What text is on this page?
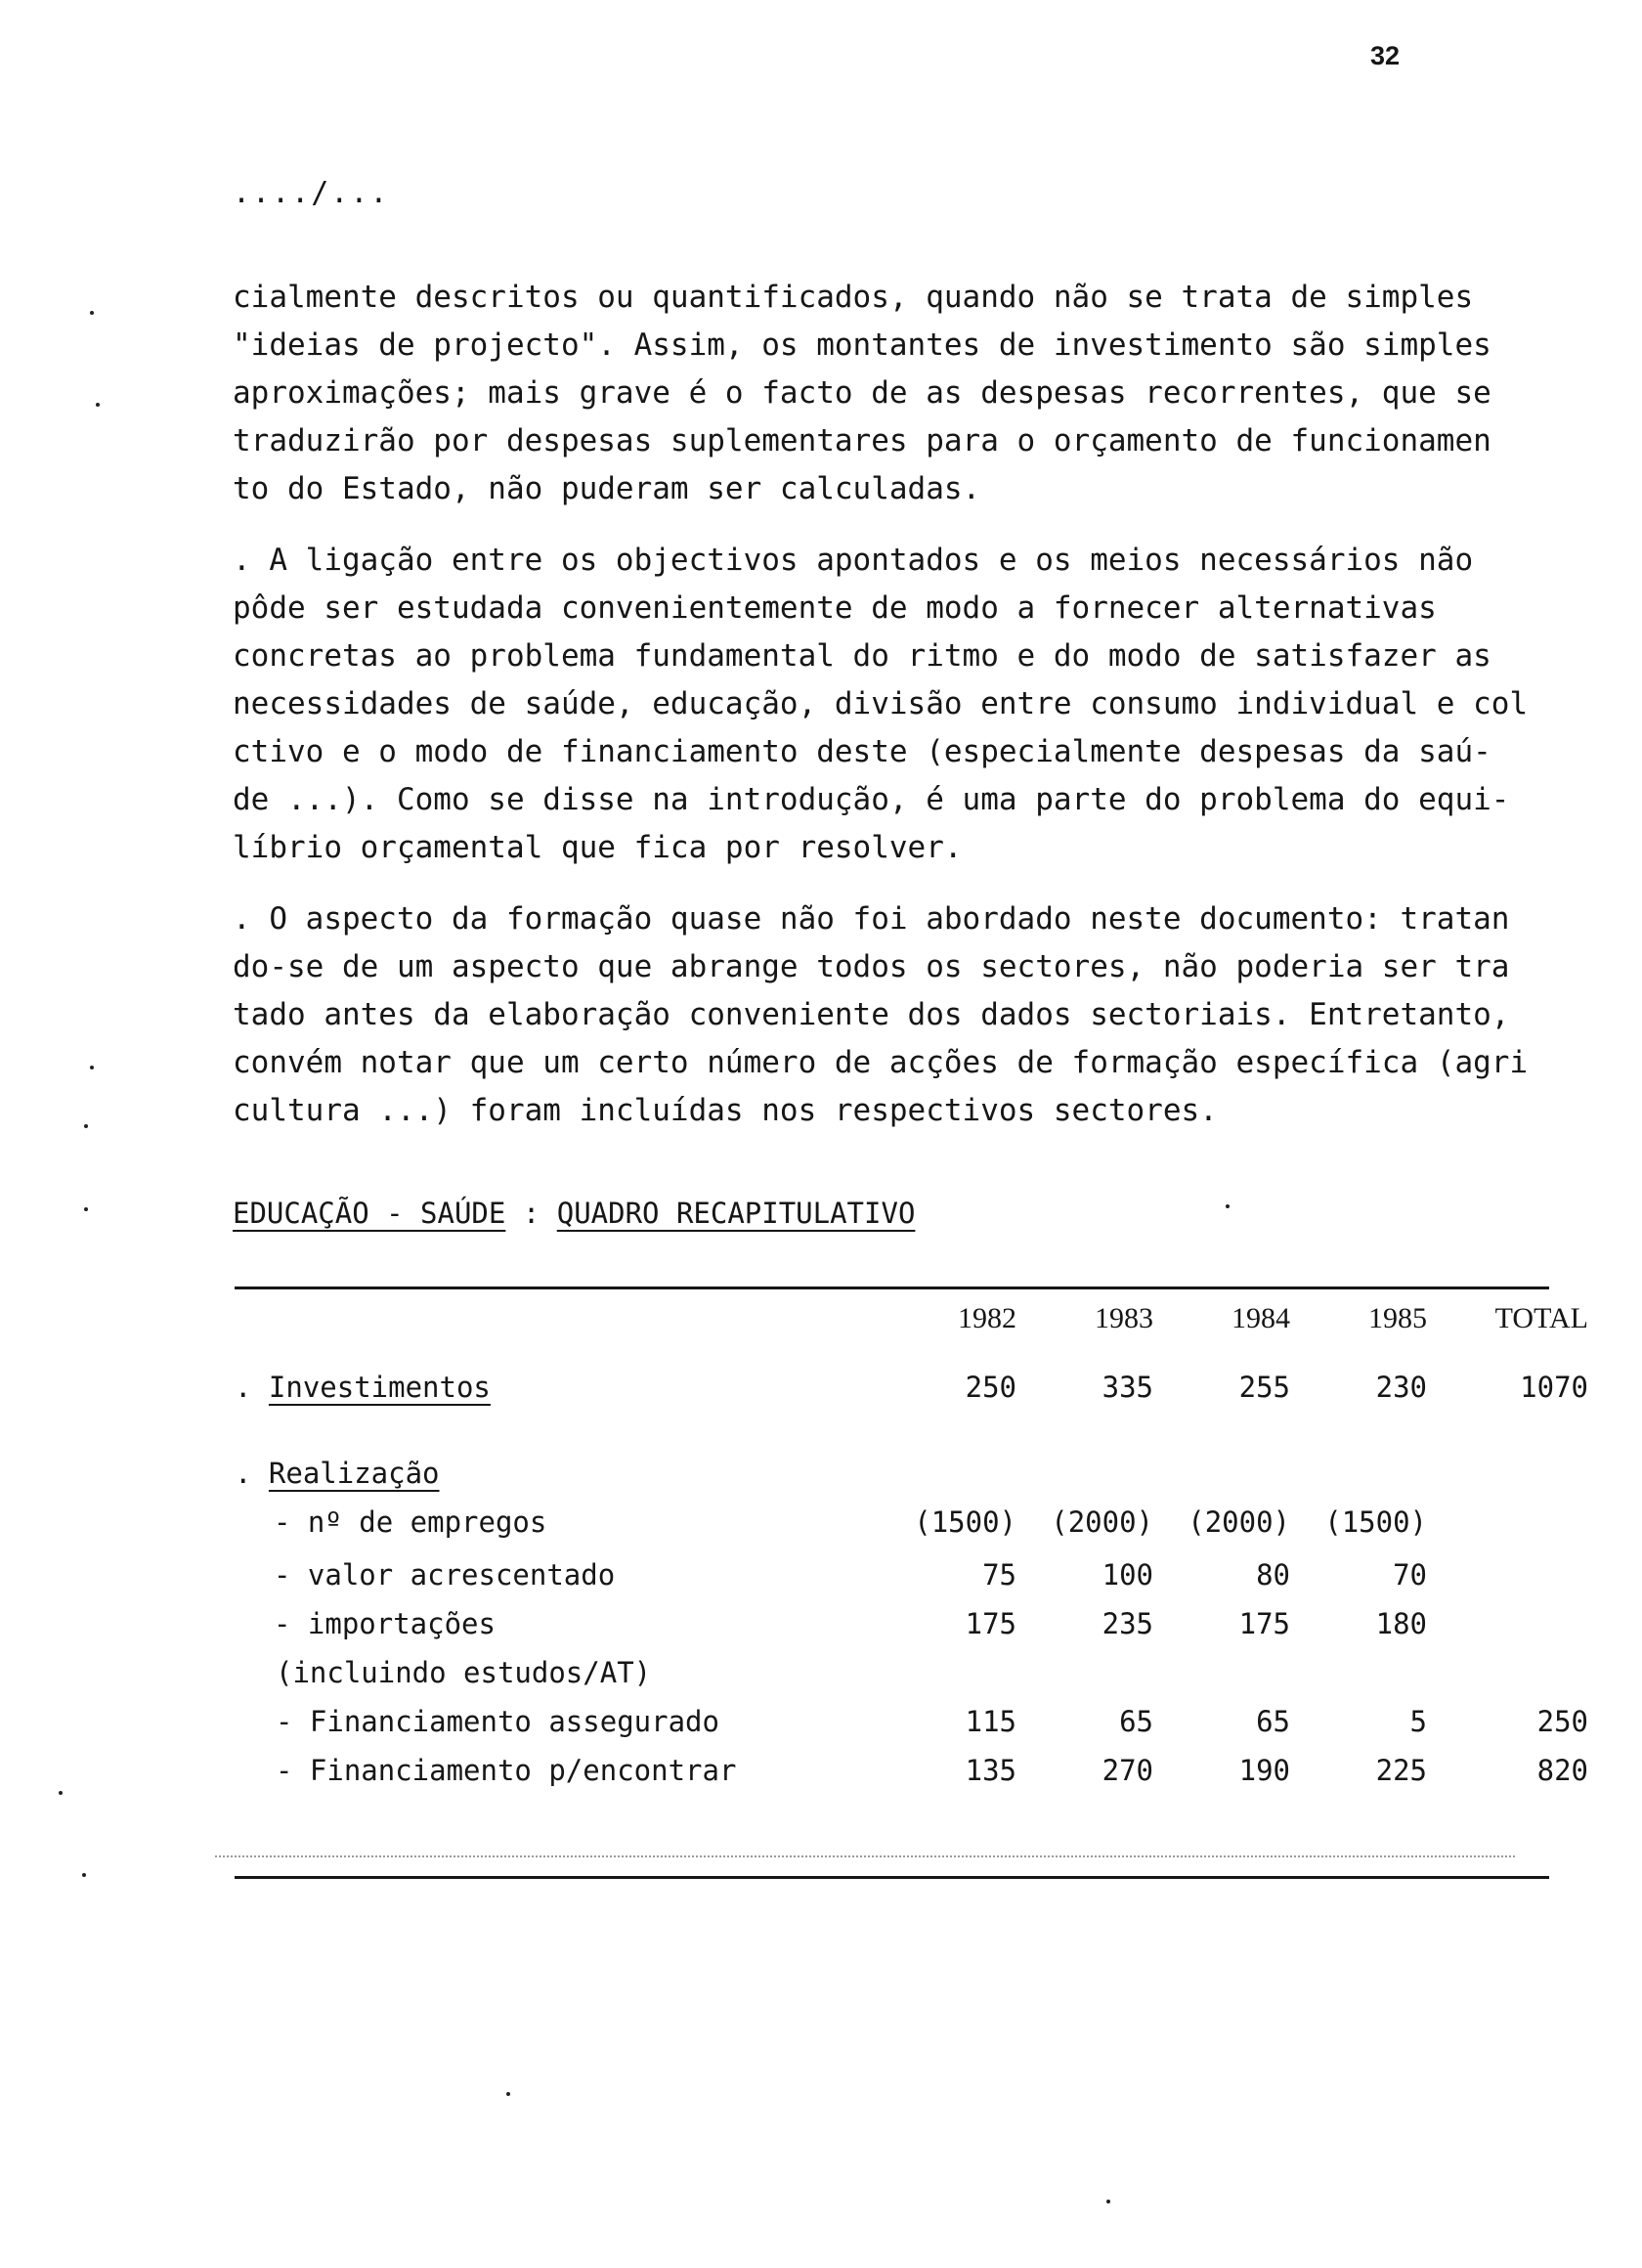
32
..../...
cialmente descritos ou quantificados, quando não se trata de simples
"ideias de projecto". Assim, os montantes de investimento são simples
aproximações; mais grave é o facto de as despesas recorrentes, que se
traduzirão por despesas suplementares para o orçamento de funcionamen
to do Estado, não puderam ser calculadas.
. A ligação entre os objectivos apontados e os meios necessários não
pôde ser estudada convenientemente de modo a fornecer alternativas
concretas ao problema fundamental do ritmo e do modo de satisfazer as
necessidades de saúde, educação, divisão entre consumo individual e col
ctivo e o modo de financiamento deste (especialmente despesas da saú-
de ...). Como se disse na introdução, é uma parte do problema do equi-
líbrio orçamental que fica por resolver.
. O aspecto da formação quase não foi abordado neste documento: tratan
do-se de um aspecto que abrange todos os sectores, não poderia ser tra
tado antes da elaboração conveniente dos dados sectoriais. Entretanto,
convém notar que um certo número de acções de formação específica (agri
cultura ...) foram incluídas nos respectivos sectores.
EDUCAÇÃO - SAÚDE : QUADRO RECAPITULATIVO
1982	1983	1984	1985	TOTAL
. Investimentos	250	335	255	230	1070
. Realização
- nº de empregos	(1500)	(2000)	(2000)	(1500)
- valor acrescentado	75	100	80	70
- importações	175	235	175	180
(incluindo estudos/AT)
- Financiamento assegurado	115	65	65	5	250
- Financiamento p/encontrar	135	270	190	225	820
